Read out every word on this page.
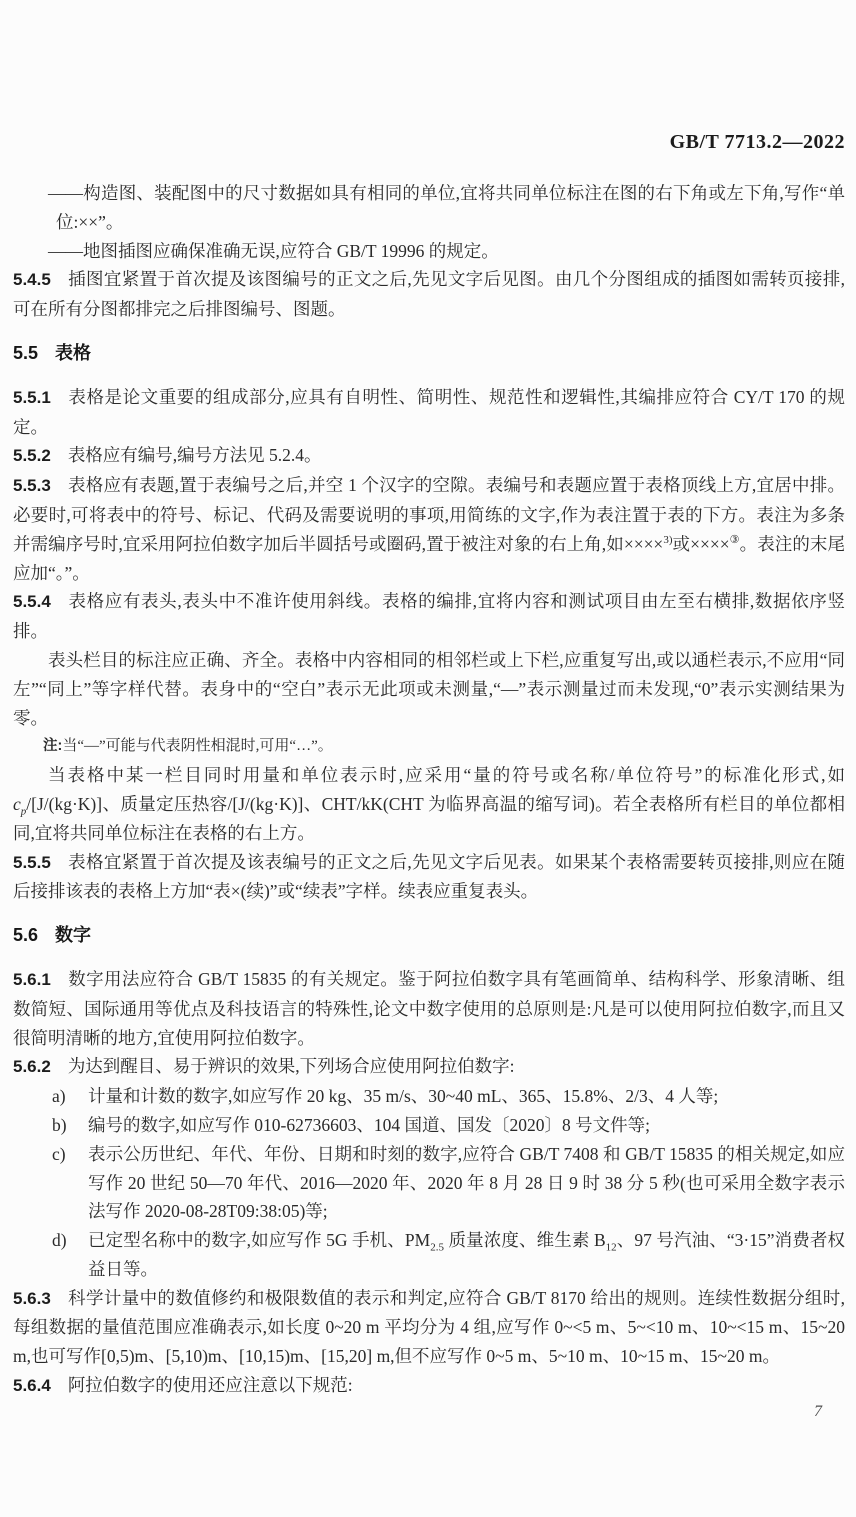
GB/T 7713.2—2022

——构造图、装配图中的尺寸数据如具有相同的单位,宜将共同单位标注在图的右下角或左下角,写作“单位:××”。

——地图插图应确保准确无误,应符合 GB/T 19996 的规定。

5.4.5 插图宜紧置于首次提及该图编号的正文之后,先见文字后见图。由几个分图组成的插图如需转页接排,可在所有分图都排完之后排图编号、图题。

5.5 表格

5.5.1 表格是论文重要的组成部分,应具有自明性、简明性、规范性和逻辑性,其编排应符合 CY/T 170 的规定。

5.5.2 表格应有编号,编号方法见 5.2.4。

5.5.3 表格应有表题,置于表编号之后,并空 1 个汉字的空隙。表编号和表题应置于表格顶线上方,宜居中排。必要时,可将表中的符号、标记、代码及需要说明的事项,用简练的文字,作为表注置于表的下方。表注为多条并需编序号时,宜采用阿拉伯数字加后半圆括号或圈码,置于被注对象的右上角,如××××$^{3)}$或××××③。表注的末尾应加“。”。

5.5.4 表格应有表头,表头中不准许使用斜线。表格的编排,宜将内容和测试项目由左至右横排,数据依序竖排。

表头栏目的标注应正确、齐全。表格中内容相同的相邻栏或上下栏,应重复写出,或以通栏表示,不应用“同左”“同上”等字样代替。表身中的“空白”表示无此项或未测量,“—”表示测量过而未发现,“0”表示实测结果为零。

注:当“—”可能与代表阴性相混时,可用“…”。

当表格中某一栏目同时用量和单位表示时,应采用“量的符号或名称/单位符号”的标准化形式,如$c_p/[J/(kg\cdot K)]$、质量定压热容/[J/(kg·K)]、CHT/kK(CHT 为临界高温的缩写词)。若全表格所有栏目的单位都相同,宜将共同单位标注在表格的右上方。

5.5.5 表格宜紧置于首次提及该表编号的正文之后,先见文字后见表。如果某个表格需要转页接排,则应在随后接排该表的表格上方加“表×(续)”或“续表”字样。续表应重复表头。

5.6 数字

5.6.1 数字用法应符合 GB/T 15835 的有关规定。鉴于阿拉伯数字具有笔画简单、结构科学、形象清晰、组数简短、国际通用等优点及科技语言的特殊性,论文中数字使用的总原则是:凡是可以使用阿拉伯数字,而且又很简明清晰的地方,宜使用阿拉伯数字。

5.6.2 为达到醒目、易于辨识的效果,下列场合应使用阿拉伯数字:

a) 计量和计数的数字,如应写作 20 kg、35 m/s、30~40 mL、365、15.8%、2/3、4 人等;

b) 编号的数字,如应写作 010-62736603、104 国道、国发〔2020〕8 号文件等;

c) 表示公历世纪、年代、年份、日期和时刻的数字,应符合 GB/T 7408 和 GB/T 15835 的相关规定,如应写作 20 世纪 50—70 年代、2016—2020 年、2020 年 8 月 28 日 9 时 38 分 5 秒(也可采用全数字表示法写作 2020-08-28T09:38:05)等;

d) 已定型名称中的数字,如应写作 5G 手机、$PM_{2.5}$ 质量浓度、维生素 $B_{12}$、97 号汽油、“3·15”消费者权益日等。

5.6.3 科学计量中的数值修约和极限数值的表示和判定,应符合 GB/T 8170 给出的规则。连续性数据分组时,每组数据的量值范围应准确表示,如长度 0~20 m 平均分为 4 组,应写作 0~<5 m、5~<10 m、10~<15 m、15~20 m,也可写作[0,5)m、[5,10)m、[10,15)m、[15,20] m,但不应写作 0~5 m、5~10 m、10~15 m、15~20 m。

5.6.4 阿拉伯数字的使用还应注意以下规范:

7
